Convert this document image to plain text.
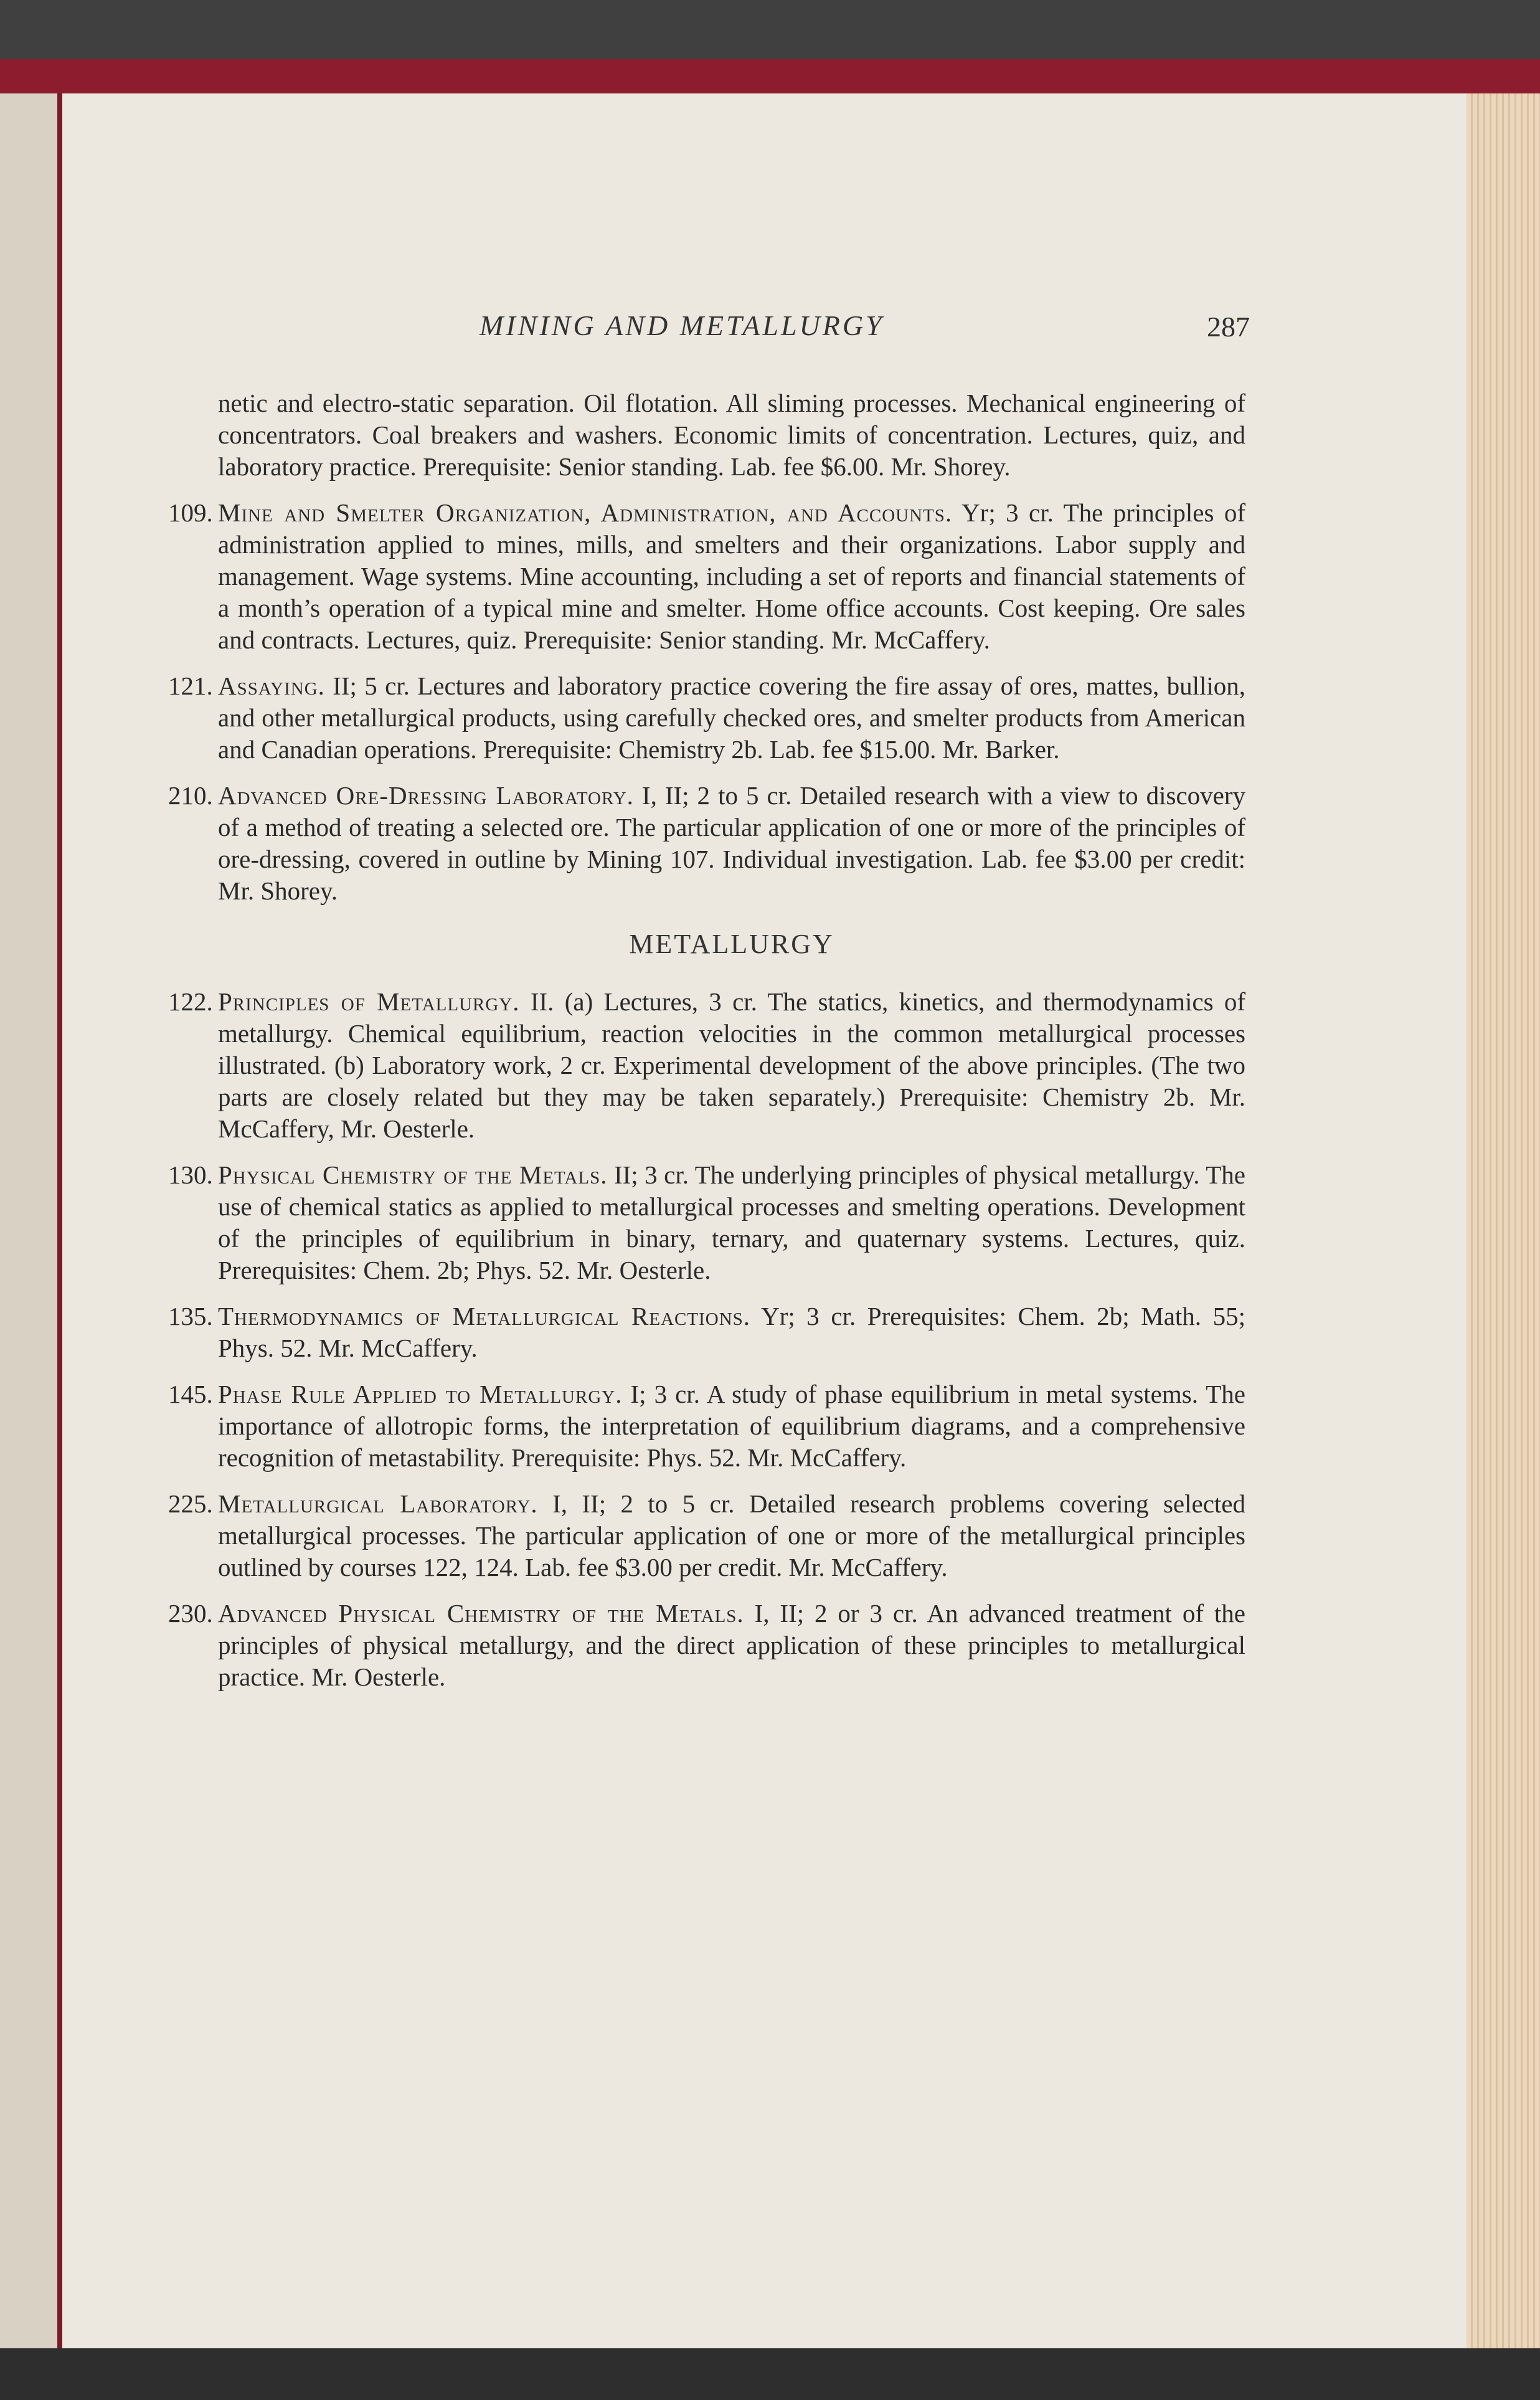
MINING AND METALLURGY	287

netic and electro-static separation. Oil flotation. All sliming processes. Mechanical engineering of concentrators. Coal breakers and washers. Economic limits of concentration. Lectures, quiz, and laboratory practice. Prerequisite: Senior standing. Lab. fee $6.00. Mr. Shorey.

109. Mine and Smelter Organization, Administration, and Accounts. Yr; 3 cr. The principles of administration applied to mines, mills, and smelters and their organizations. Labor supply and management. Wage systems. Mine accounting, including a set of reports and financial statements of a month’s operation of a typical mine and smelter. Home office accounts. Cost keeping. Ore sales and contracts. Lectures, quiz. Prerequisite: Senior standing. Mr. McCaffery.
121. Assaying. II; 5 cr. Lectures and laboratory practice covering the fire assay of ores, mattes, bullion, and other metallurgical products, using carefully checked ores, and smelter products from American and Canadian operations. Prerequisite: Chemistry 2b. Lab. fee $15.00. Mr. Barker.
210. Advanced Ore-Dressing Laboratory. I, II; 2 to 5 cr. Detailed research with a view to discovery of a method of treating a selected ore. The particular application of one or more of the principles of ore-dressing, covered in outline by Mining 107. Individual investigation. Lab. fee $3.00 per credit: Mr. Shorey.
METALLURGY
122. Principles of Metallurgy. II. (a) Lectures, 3 cr. The statics, kinetics, and thermodynamics of metallurgy. Chemical equilibrium, reaction velocities in the common metallurgical processes illustrated. (b) Laboratory work, 2 cr. Experimental development of the above principles. (The two parts are closely related but they may be taken separately.) Prerequisite: Chemistry 2b. Mr. McCaffery, Mr. Oesterle.
130. Physical Chemistry of the Metals. II; 3 cr. The underlying principles of physical metallurgy. The use of chemical statics as applied to metallurgical processes and smelting operations. Development of the principles of equilibrium in binary, ternary, and quaternary systems. Lectures, quiz. Prerequisites: Chem. 2b; Phys. 52. Mr. Oesterle.
135. Thermodynamics of Metallurgical Reactions. Yr; 3 cr. Prerequisites: Chem. 2b; Math. 55; Phys. 52. Mr. McCaffery.
145. Phase Rule Applied to Metallurgy. I; 3 cr. A study of phase equilibrium in metal systems. The importance of allotropic forms, the interpretation of equilibrium diagrams, and a comprehensive recognition of metastability. Prerequisite: Phys. 52. Mr. McCaffery.
225. Metallurgical Laboratory. I, II; 2 to 5 cr. Detailed research problems covering selected metallurgical processes. The particular application of one or more of the metallurgical principles outlined by courses 122, 124. Lab. fee $3.00 per credit. Mr. McCaffery.
230. Advanced Physical Chemistry of the Metals. I, II; 2 or 3 cr. An advanced treatment of the principles of physical metallurgy, and the direct application of these principles to metallurgical practice. Mr. Oesterle.
